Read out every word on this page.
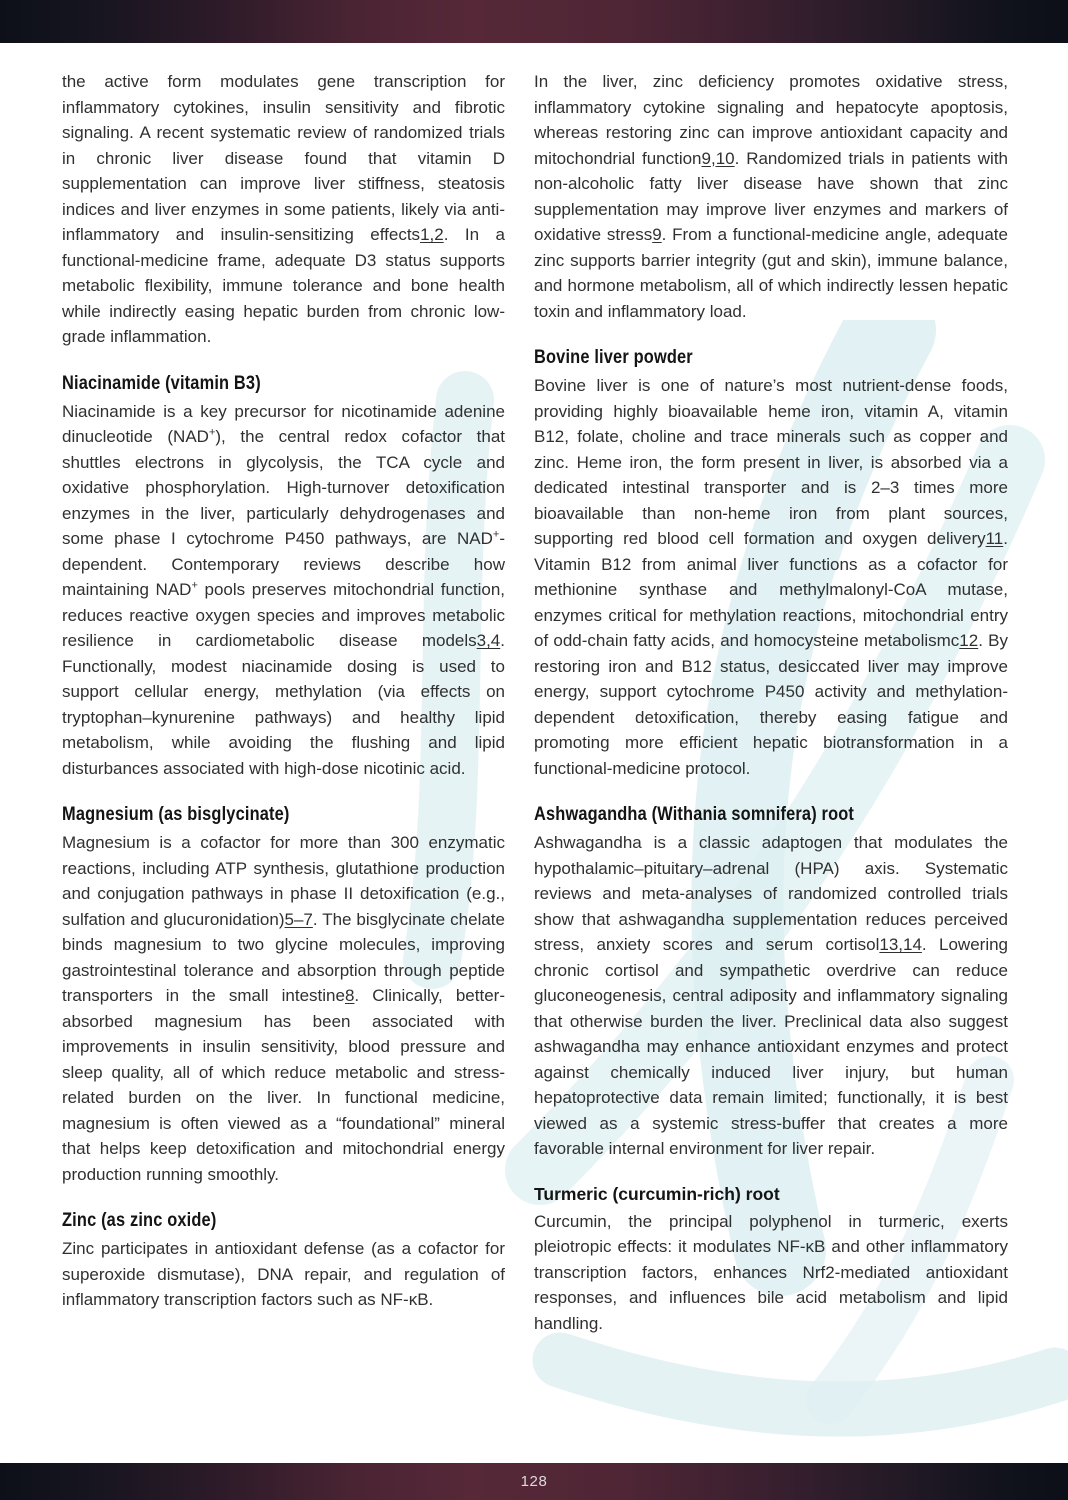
the active form modulates gene transcription for inflammatory cytokines, insulin sensitivity and fibrotic signaling. A recent systematic review of randomized trials in chronic liver disease found that vitamin D supplementation can improve liver stiffness, steatosis indices and liver enzymes in some patients, likely via anti-inflammatory and insulin-sensitizing effects1,2. In a functional-medicine frame, adequate D3 status supports metabolic flexibility, immune tolerance and bone health while indirectly easing hepatic burden from chronic low-grade inflammation.

Niacinamide (vitamin B3)

Niacinamide is a key precursor for nicotinamide adenine dinucleotide (NAD+), the central redox cofactor that shuttles electrons in glycolysis, the TCA cycle and oxidative phosphorylation. High-turnover detoxification enzymes in the liver, particularly dehydrogenases and some phase I cytochrome P450 pathways, are NAD+-dependent. Contemporary reviews describe how maintaining NAD+ pools preserves mitochondrial function, reduces reactive oxygen species and improves metabolic resilience in cardiometabolic disease models3,4. Functionally, modest niacinamide dosing is used to support cellular energy, methylation (via effects on tryptophan–kynurenine pathways) and healthy lipid metabolism, while avoiding the flushing and lipid disturbances associated with high-dose nicotinic acid.

Magnesium (as bisglycinate)

Magnesium is a cofactor for more than 300 enzymatic reactions, including ATP synthesis, glutathione production and conjugation pathways in phase II detoxification (e.g., sulfation and glucuronidation)5–7. The bisglycinate chelate binds magnesium to two glycine molecules, improving gastrointestinal tolerance and absorption through peptide transporters in the small intestine8. Clinically, better-absorbed magnesium has been associated with improvements in insulin sensitivity, blood pressure and sleep quality, all of which reduce metabolic and stress-related burden on the liver. In functional medicine, magnesium is often viewed as a “foundational” mineral that helps keep detoxification and mitochondrial energy production running smoothly.

Zinc (as zinc oxide)

Zinc participates in antioxidant defense (as a cofactor for superoxide dismutase), DNA repair, and regulation of inflammatory transcription factors such as NF-κB.

In the liver, zinc deficiency promotes oxidative stress, inflammatory cytokine signaling and hepatocyte apoptosis, whereas restoring zinc can improve antioxidant capacity and mitochondrial function9,10. Randomized trials in patients with non-alcoholic fatty liver disease have shown that zinc supplementation may improve liver enzymes and markers of oxidative stress9. From a functional-medicine angle, adequate zinc supports barrier integrity (gut and skin), immune balance, and hormone metabolism, all of which indirectly lessen hepatic toxin and inflammatory load.

Bovine liver powder

Bovine liver is one of nature’s most nutrient-dense foods, providing highly bioavailable heme iron, vitamin A, vitamin B12, folate, choline and trace minerals such as copper and zinc. Heme iron, the form present in liver, is absorbed via a dedicated intestinal transporter and is 2–3 times more bioavailable than non-heme iron from plant sources, supporting red blood cell formation and oxygen delivery11. Vitamin B12 from animal liver functions as a cofactor for methionine synthase and methylmalonyl-CoA mutase, enzymes critical for methylation reactions, mitochondrial entry of odd-chain fatty acids, and homocysteine metabolismc12. By restoring iron and B12 status, desiccated liver may improve energy, support cytochrome P450 activity and methylation-dependent detoxification, thereby easing fatigue and promoting more efficient hepatic biotransformation in a functional-medicine protocol.

Ashwagandha (Withania somnifera) root

Ashwagandha is a classic adaptogen that modulates the hypothalamic–pituitary–adrenal (HPA) axis. Systematic reviews and meta-analyses of randomized controlled trials show that ashwagandha supplementation reduces perceived stress, anxiety scores and serum cortisol13,14. Lowering chronic cortisol and sympathetic overdrive can reduce gluconeogenesis, central adiposity and inflammatory signaling that otherwise burden the liver. Preclinical data also suggest ashwagandha may enhance antioxidant enzymes and protect against chemically induced liver injury, but human hepatoprotective data remain limited; functionally, it is best viewed as a systemic stress-buffer that creates a more favorable internal environment for liver repair.

Turmeric (curcumin-rich) root

Curcumin, the principal polyphenol in turmeric, exerts pleiotropic effects: it modulates NF-κB and other inflammatory transcription factors, enhances Nrf2-mediated antioxidant responses, and influences bile acid metabolism and lipid handling.

128
